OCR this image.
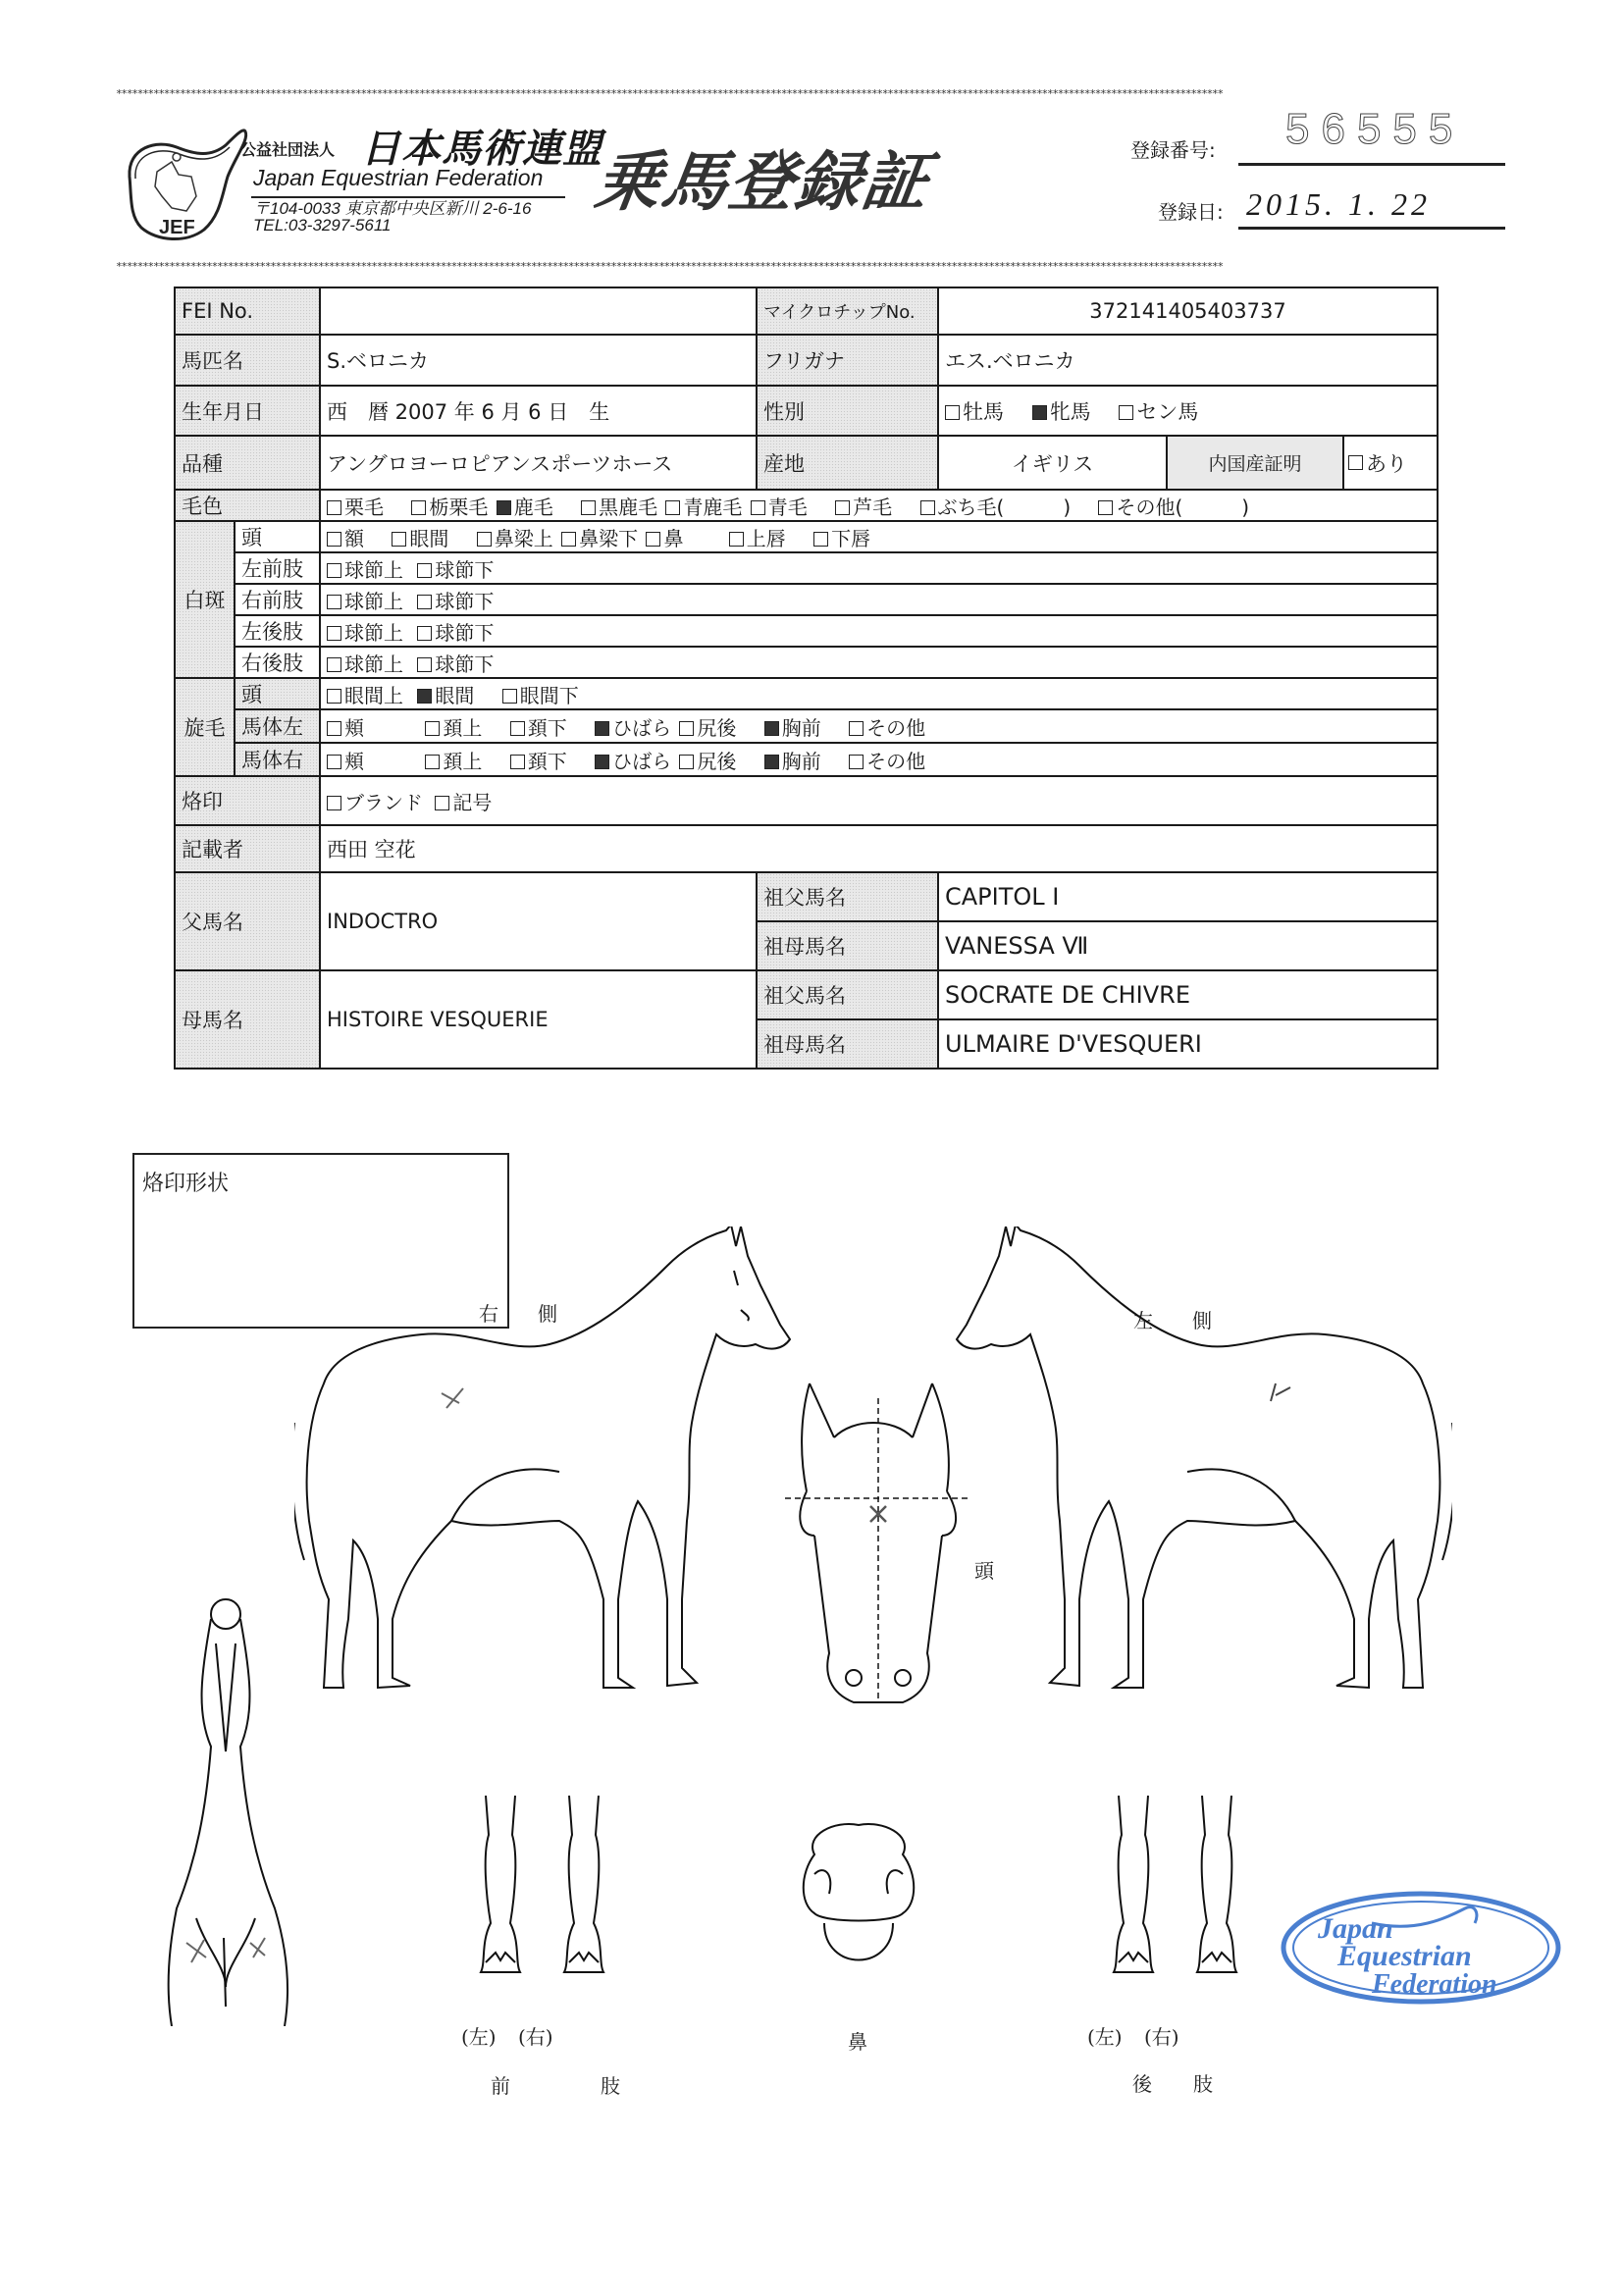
****************************************************************************************************************************************************************************************************************
JEF
公益社団法人 日本馬術連盟
Japan Equestrian Federation
〒104-0033 東京都中央区新川 2-6-16
TEL:03-3297-5611
乗馬登録証	登録番号: 56555
登録日: 2015. 1. 22
****************************************************************************************************************************************************************************************************************
FEI No.			マイクロチップNo.	372141405403737	
馬匹名		S.ベロニカ	フリガナ	エス.ベロニカ	
生年月日		西　暦 2007 年 6 月 6 日　生	性別	牡馬 牝馬 セン馬	
品種		アングロヨーロピアンスポーツホース	産地	イギリス	内国産証明 あり

毛色		栗毛 栃栗毛 鹿毛 黒鹿毛 青鹿毛 青毛 芦毛 ぶち毛(　　　) その他(　　　)			
白斑	頭	額 眼間 鼻梁上 鼻梁下 鼻 上唇 下唇			
	左前肢	球節上 球節下			
	右前肢	球節上 球節下			
	左後肢	球節上 球節下			
	右後肢	球節上 球節下			
旋毛	頭	眼間上 眼間 眼間下			
	馬体左	頬 頚上 頚下 ひばら 尻後 胸前 その他			
	馬体右	頬 頚上 頚下 ひばら 尻後 胸前 その他			
烙印		ブランド 記号			
記載者		西田 空花			
父馬名		INDOCTRO	祖父馬名	CAPITOL I	
			祖母馬名	VANESSA Ⅶ	
母馬名		HISTOIRE VESQUERIE	祖父馬名	SOCRATE DE CHIVRE	
			祖母馬名	ULMAIRE D'VESQUERI	
烙印形状
右　　側	左　　側
頭
(左) (右)
前	肢
鼻	(左) (右)
後 肢
Japan
Equestrian
Federation
